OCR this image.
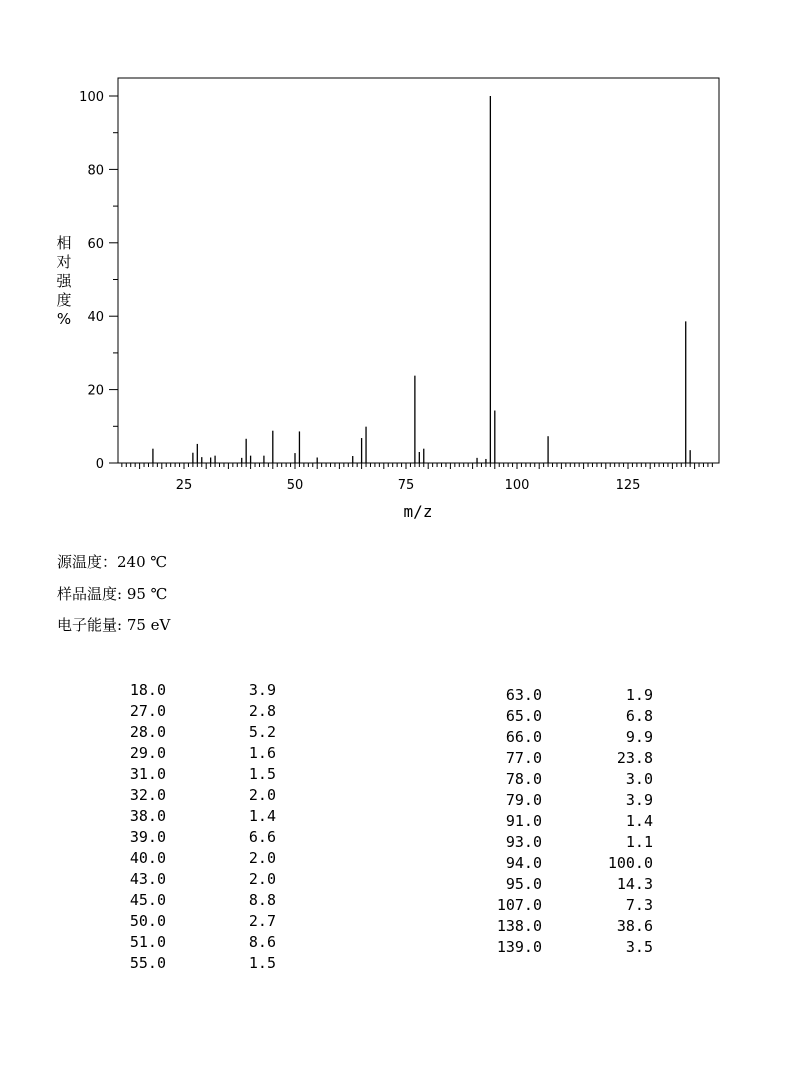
0
20
40
60
80
100
25	50	75	100	125
m/z
相对强度%
源温度：240 ℃
样品温度: 95 ℃
电子能量: 75 eV
18.0	3.9
27.0	2.8
28.0	5.2
29.0	1.6
31.0	1.5
32.0	2.0
38.0	1.4
39.0	6.6
40.0	2.0
43.0	2.0
45.0	8.8
50.0	2.7
51.0	8.6
55.0	1.5
63.0	1.9
65.0	6.8
66.0	9.9
77.0	23.8
78.0	3.0
79.0	3.9
91.0	1.4
93.0	1.1
94.0	100.0
95.0	14.3
107.0	7.3
138.0	38.6
139.0	3.5
